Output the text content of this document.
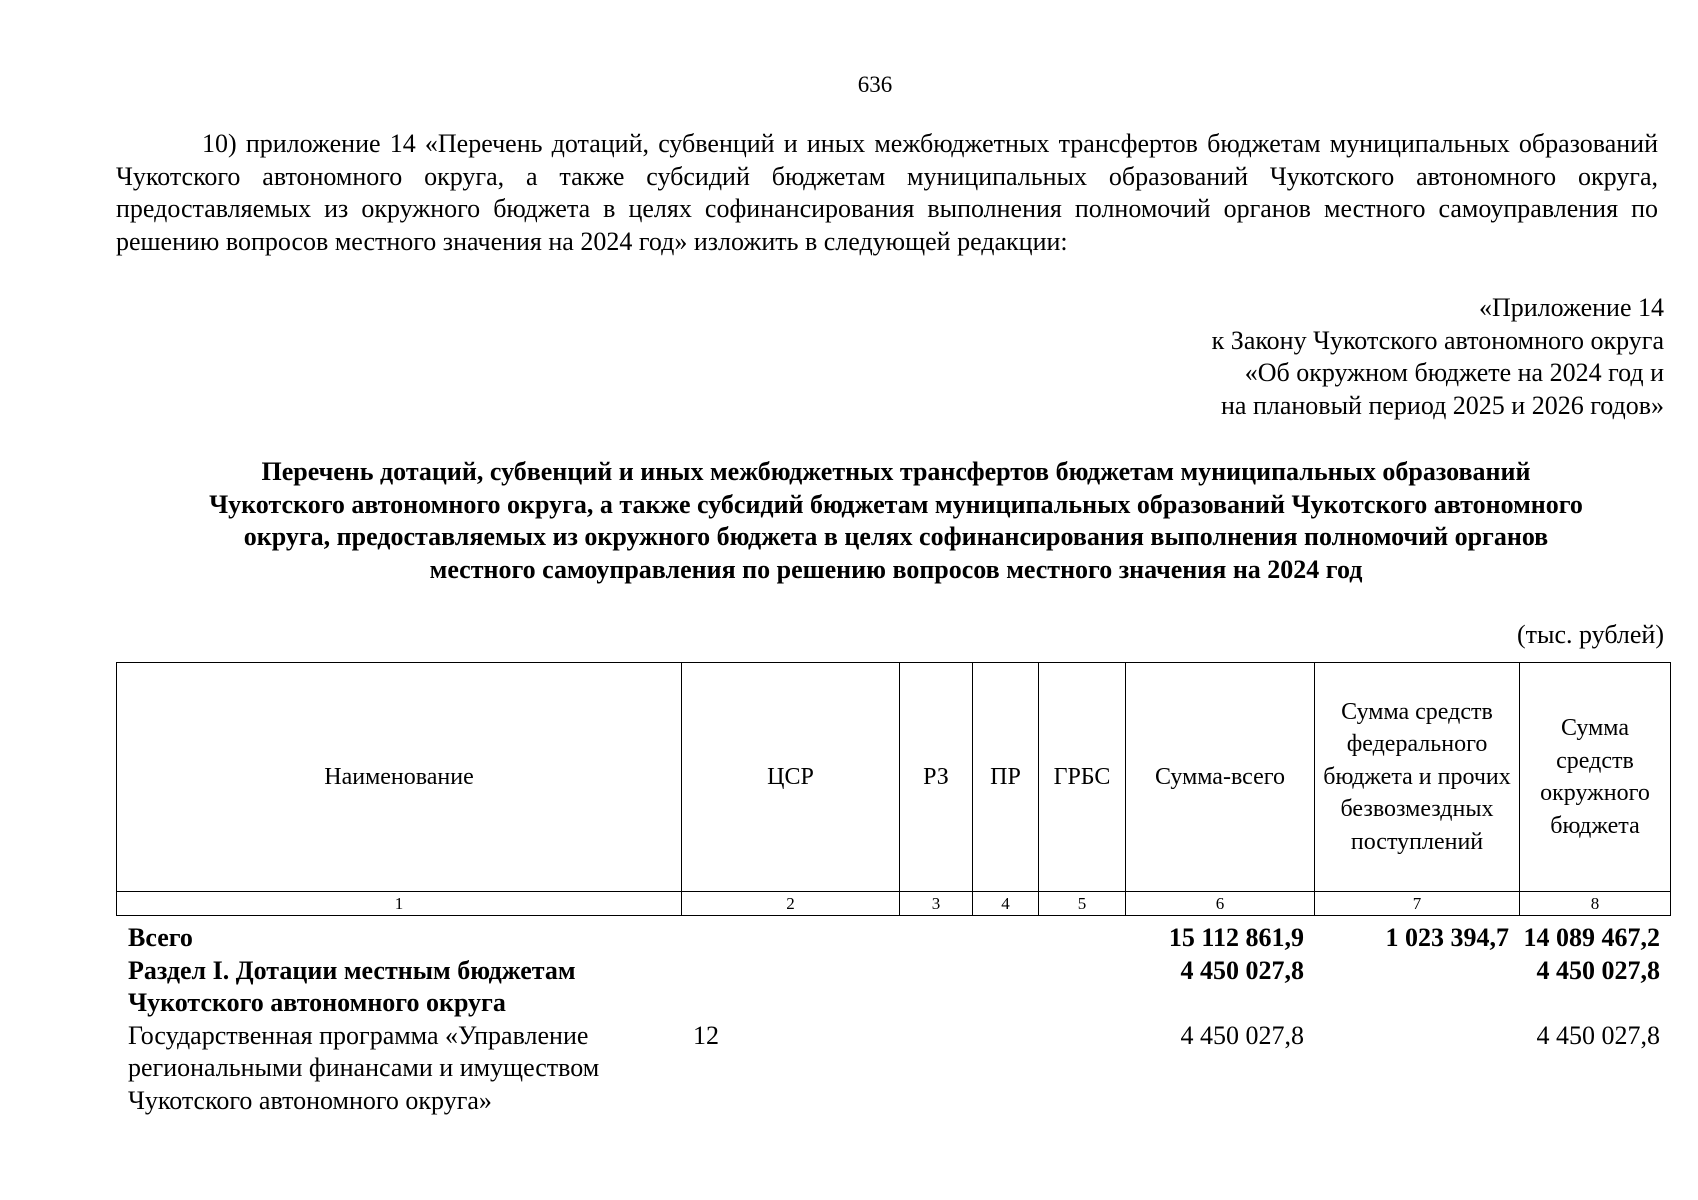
636
10) приложение 14 «Перечень дотаций, субвенций и иных межбюджетных трансфертов бюджетам муниципальных образований Чукотского автономного округа, а также субсидий бюджетам муниципальных образований Чукотского автономного округа, предоставляемых из окружного бюджета в целях софинансирования выполнения полномочий органов местного самоуправления по решению вопросов местного значения на 2024 год» изложить в следующей редакции:
«Приложение 14
к Закону Чукотского автономного округа
«Об окружном бюджете на 2024 год и
на плановый период 2025 и 2026 годов»
Перечень дотаций, субвенций и иных межбюджетных трансфертов бюджетам муниципальных образований
Чукотского автономного округа, а также субсидий бюджетам муниципальных образований Чукотского автономного
округа, предоставляемых из окружного бюджета в целях софинансирования выполнения полномочий органов
местного самоуправления по решению вопросов местного значения на 2024 год
(тыс. рублей)
Наименование	ЦСР	РЗ	ПР	ГРБС	Сумма-всего	Сумма средств федерального бюджета и прочих безвозмездных поступлений	Сумма средств окружного бюджета
1	2	3	4	5	6	7	8
Всего					15 112 861,9	1 023 394,7	14 089 467,2
Раздел I. Дотации местным бюджетам Чукотского автономного округа					4 450 027,8		4 450 027,8
Государственная программа «Управление региональными финансами и имуществом Чукотского автономного округа»	12				4 450 027,8		4 450 027,8
